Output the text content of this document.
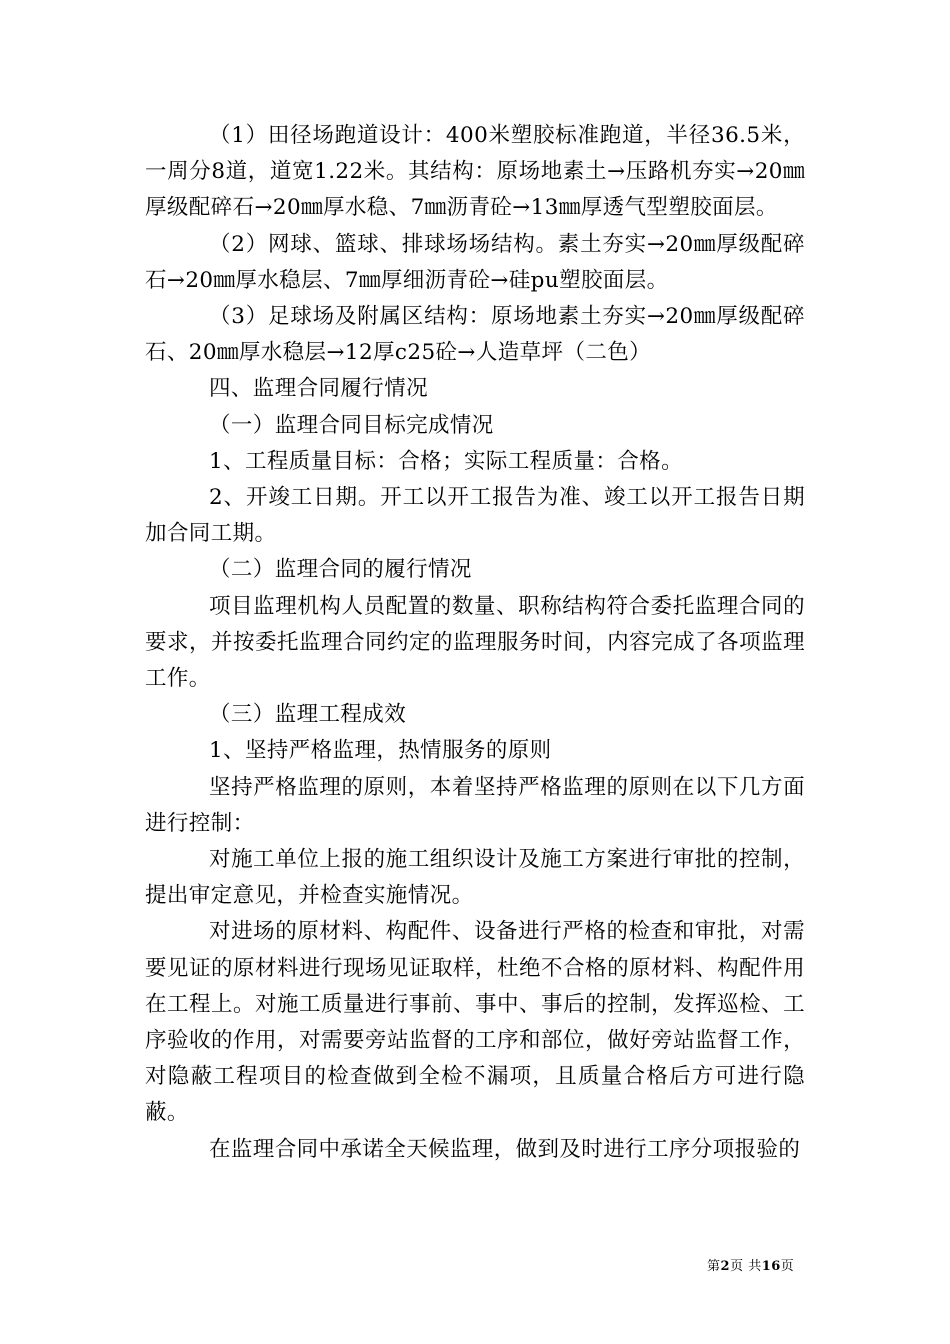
（1）田径场跑道设计：400米塑胶标准跑道，半径36.5米，一周分8道，道宽1.22米。其结构：原场地素土→压路机夯实→20㎜厚级配碎石→20㎜厚水稳、7㎜沥青砼→13㎜厚透气型塑胶面层。

（2）网球、篮球、排球场场结构。素土夯实→20㎜厚级配碎石→20㎜厚水稳层、7㎜厚细沥青砼→硅pu塑胶面层。

（3）足球场及附属区结构：原场地素土夯实→20㎜厚级配碎石、20㎜厚水稳层→12厚c25砼→人造草坪（二色）

四、监理合同履行情况

（一）监理合同目标完成情况

1、工程质量目标：合格；实际工程质量：合格。

2、开竣工日期。开工以开工报告为准、竣工以开工报告日期加合同工期。

（二）监理合同的履行情况

项目监理机构人员配置的数量、职称结构符合委托监理合同的要求，并按委托监理合同约定的监理服务时间，内容完成了各项监理工作。

（三）监理工程成效

1、坚持严格监理，热情服务的原则

坚持严格监理的原则，本着坚持严格监理的原则在以下几方面进行控制：

对施工单位上报的施工组织设计及施工方案进行审批的控制，提出审定意见，并检查实施情况。

对进场的原材料、构配件、设备进行严格的检查和审批，对需要见证的原材料进行现场见证取样，杜绝不合格的原材料、构配件用在工程上。对施工质量进行事前、事中、事后的控制，发挥巡检、工序验收的作用，对需要旁站监督的工序和部位，做好旁站监督工作，对隐蔽工程项目的检查做到全检不漏项，且质量合格后方可进行隐蔽。

在监理合同中承诺全天候监理，做到及时进行工序分项报验的

第2页 共16页
